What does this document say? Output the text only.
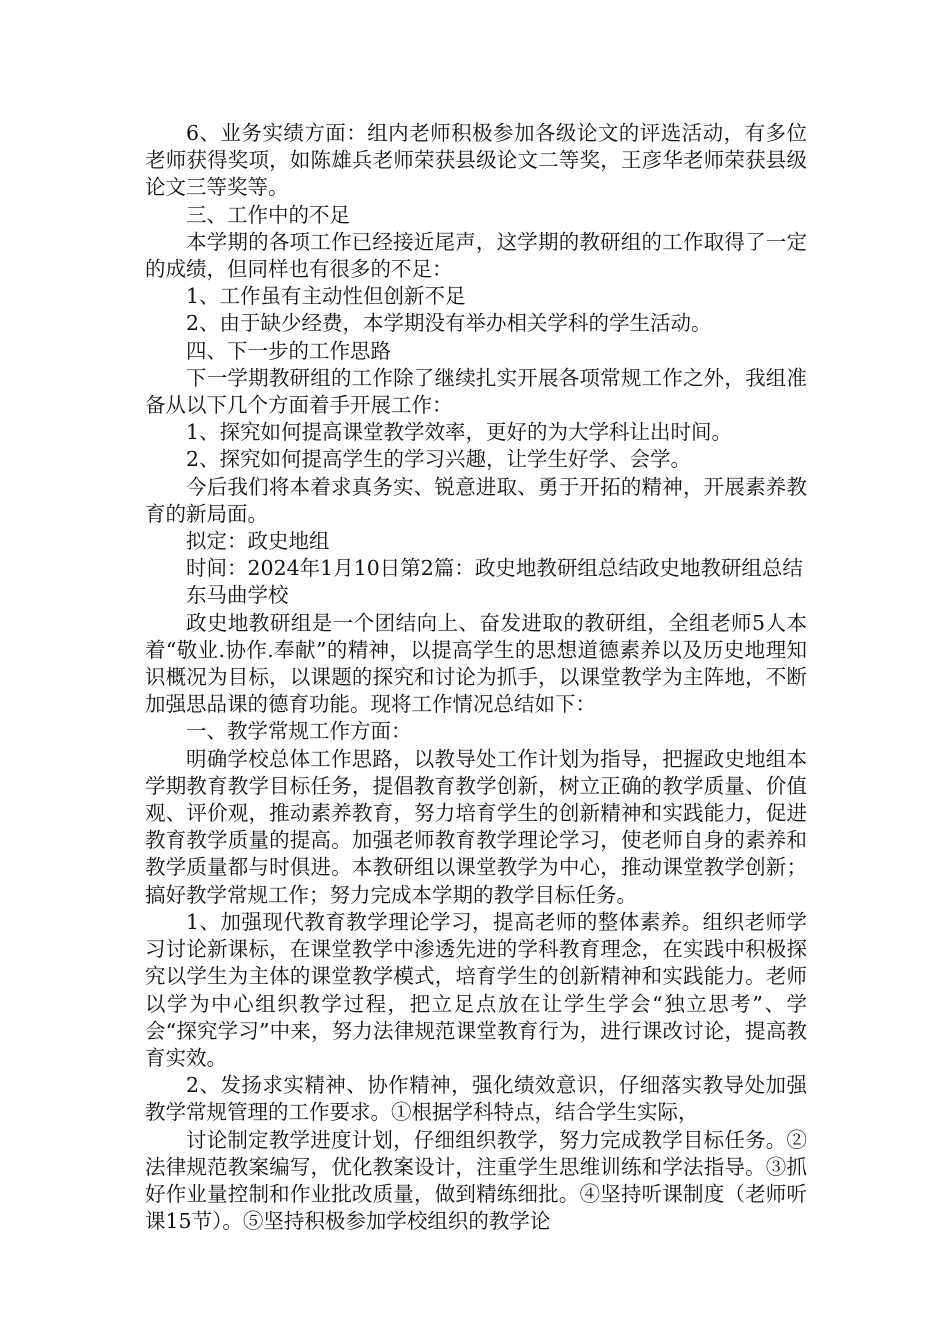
6、业务实绩方面：组内老师积极参加各级论文的评选活动，有多位老师获得奖项，如陈雄兵老师荣获县级论文二等奖，王彦华老师荣获县级论文三等奖等。

三、工作中的不足

本学期的各项工作已经接近尾声，这学期的教研组的工作取得了一定的成绩，但同样也有很多的不足：

1、工作虽有主动性但创新不足

2、由于缺少经费，本学期没有举办相关学科的学生活动。

四、下一步的工作思路

下一学期教研组的工作除了继续扎实开展各项常规工作之外，我组准备从以下几个方面着手开展工作：

1、探究如何提高课堂教学效率，更好的为大学科让出时间。

2、探究如何提高学生的学习兴趣，让学生好学、会学。

今后我们将本着求真务实、锐意进取、勇于开拓的精神，开展素养教育的新局面。

拟定：政史地组

时间：2024年1月10日第2篇：政史地教研组总结政史地教研组总结

东马曲学校

政史地教研组是一个团结向上、奋发进取的教研组，全组老师5人本着“敬业.协作.奉献”的精神，以提高学生的思想道德素养以及历史地理知识概况为目标，以课题的探究和讨论为抓手，以课堂教学为主阵地，不断加强思品课的德育功能。现将工作情况总结如下：

一、教学常规工作方面：

明确学校总体工作思路，以教导处工作计划为指导，把握政史地组本学期教育教学目标任务，提倡教育教学创新，树立正确的教学质量、价值观、评价观，推动素养教育，努力培育学生的创新精神和实践能力，促进教育教学质量的提高。加强老师教育教学理论学习，使老师自身的素养和教学质量都与时俱进。本教研组以课堂教学为中心，推动课堂教学创新；搞好教学常规工作；努力完成本学期的教学目标任务。

1、加强现代教育教学理论学习，提高老师的整体素养。组织老师学习讨论新课标，在课堂教学中渗透先进的学科教育理念，在实践中积极探究以学生为主体的课堂教学模式，培育学生的创新精神和实践能力。老师以学为中心组织教学过程，把立足点放在让学生学会“独立思考”、学会“探究学习”中来，努力法律规范课堂教育行为，进行课改讨论，提高教育实效。

2、发扬求实精神、协作精神，强化绩效意识，仔细落实教导处加强教学常规管理的工作要求。①根据学科特点，结合学生实际，

讨论制定教学进度计划，仔细组织教学，努力完成教学目标任务。②法律规范教案编写，优化教案设计，注重学生思维训练和学法指导。③抓好作业量控制和作业批改质量，做到精练细批。④坚持听课制度（老师听课15节）。⑤坚持积极参加学校组织的教学论
